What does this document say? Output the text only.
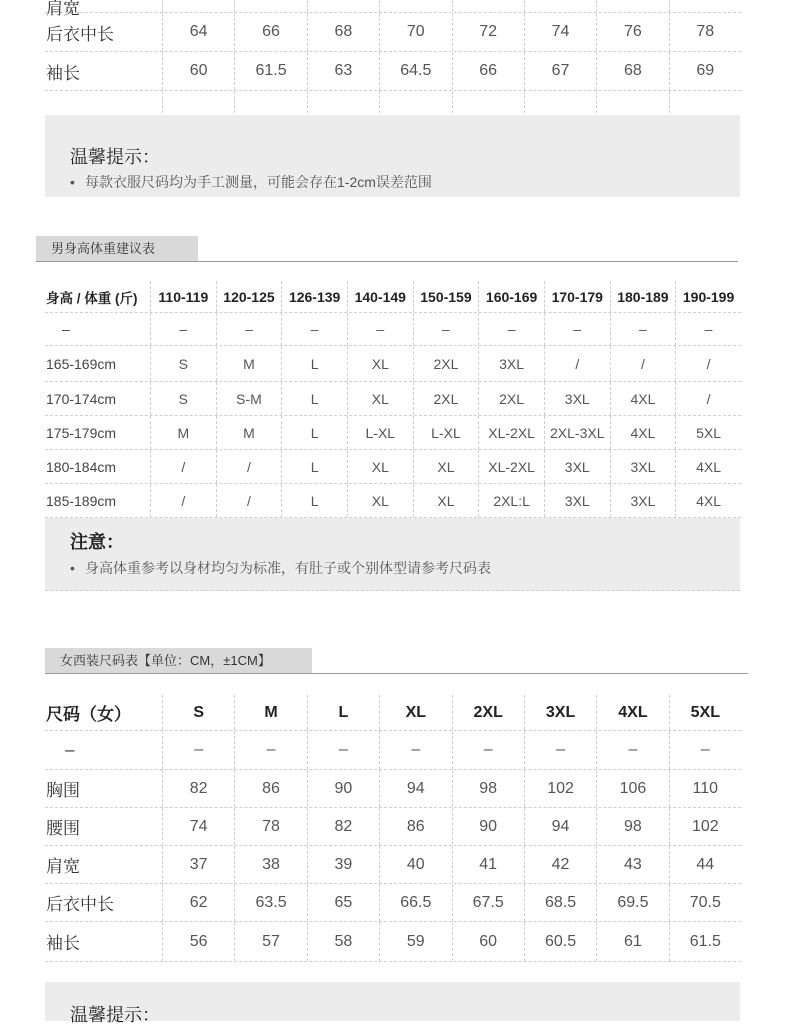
肩宽
后衣中长	64	66	68	70	72	74	76	78
袖长	60	61.5	63	64.5	66	67	68	69
温馨提示：
• 每款衣服尺码均为手工测量，可能会存在1-2cm误差范围
男身高体重建议表
身高 / 体重 (斤)	110-119	120-125	126-139	140-149	150-159	160-169	170-179	180-189	190-199
–	–	–	–	–	–	–	–	–	–
165-169cm	S	M	L	XL	2XL	3XL	/	/	/
170-174cm	S	S-M	L	XL	2XL	2XL	3XL	4XL	/
175-179cm	M	M	L	L-XL	L-XL	XL-2XL	2XL-3XL	4XL	5XL
180-184cm	/	/	L	XL	XL	XL-2XL	3XL	3XL	4XL
185-189cm	/	/	L	XL	XL	2XL:L	3XL	3XL	4XL
注意：
• 身高体重参考以身材均匀为标准，有肚子或个别体型请参考尺码表
女西装尺码表【单位：CM，±1CM】
尺码（女）	S	M	L	XL	2XL	3XL	4XL	5XL
–	–	–	–	–	–	–	–	–
胸围	82	86	90	94	98	102	106	110
腰围	74	78	82	86	90	94	98	102
肩宽	37	38	39	40	41	42	43	44
后衣中长	62	63.5	65	66.5	67.5	68.5	69.5	70.5
袖长	56	57	58	59	60	60.5	61	61.5
温馨提示：
